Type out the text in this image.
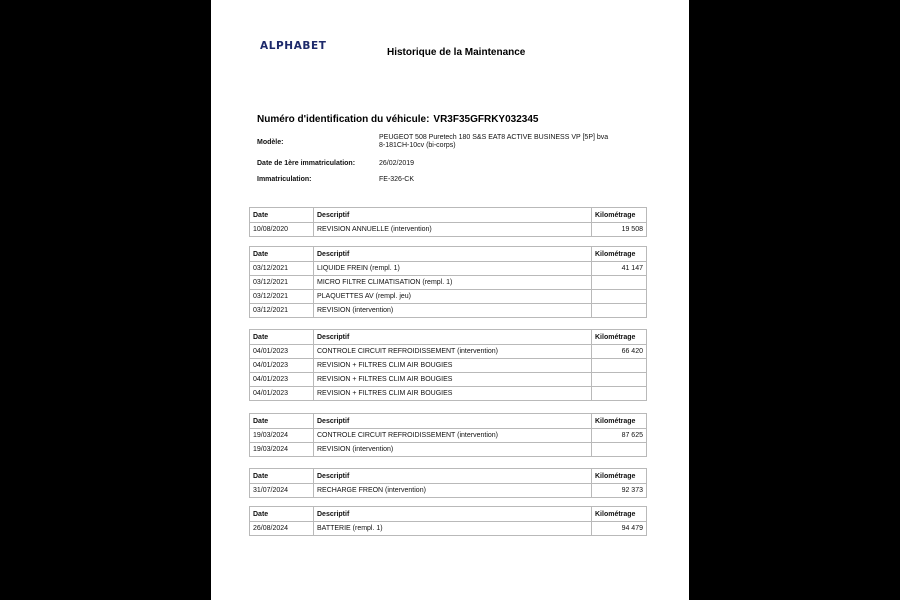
ALPHABET
Historique de la Maintenance
Numéro d'identification du véhicule: VR3F35GFRKY032345
Modèle:
PEUGEOT 508 Puretech 180 S&S EAT8 ACTIVE BUSINESS VP [5P] bva
8-181CH-10cv (bi-corps)
Date de 1ère immatriculation:	26/02/2019
Immatriculation:	FE-326-CK
Date	Descriptif	Kilométrage
10/08/2020	REVISION ANNUELLE (intervention)	19 508
Date	Descriptif	Kilométrage
03/12/2021	LIQUIDE FREIN (rempl. 1)	41 147
03/12/2021	MICRO FILTRE CLIMATISATION (rempl. 1)	
03/12/2021	PLAQUETTES AV (rempl. jeu)	
03/12/2021	REVISION (intervention)	
Date	Descriptif	Kilométrage
04/01/2023	CONTROLE CIRCUIT REFROIDISSEMENT (intervention)	66 420
04/01/2023	REVISION + FILTRES CLIM AIR BOUGIES	
04/01/2023	REVISION + FILTRES CLIM AIR BOUGIES	
04/01/2023	REVISION + FILTRES CLIM AIR BOUGIES	
Date	Descriptif	Kilométrage
19/03/2024	CONTROLE CIRCUIT REFROIDISSEMENT (intervention)	87 625
19/03/2024	REVISION (intervention)	
Date	Descriptif	Kilométrage
31/07/2024	RECHARGE FREON (intervention)	92 373
Date	Descriptif	Kilométrage
26/08/2024	BATTERIE (rempl. 1)	94 479
